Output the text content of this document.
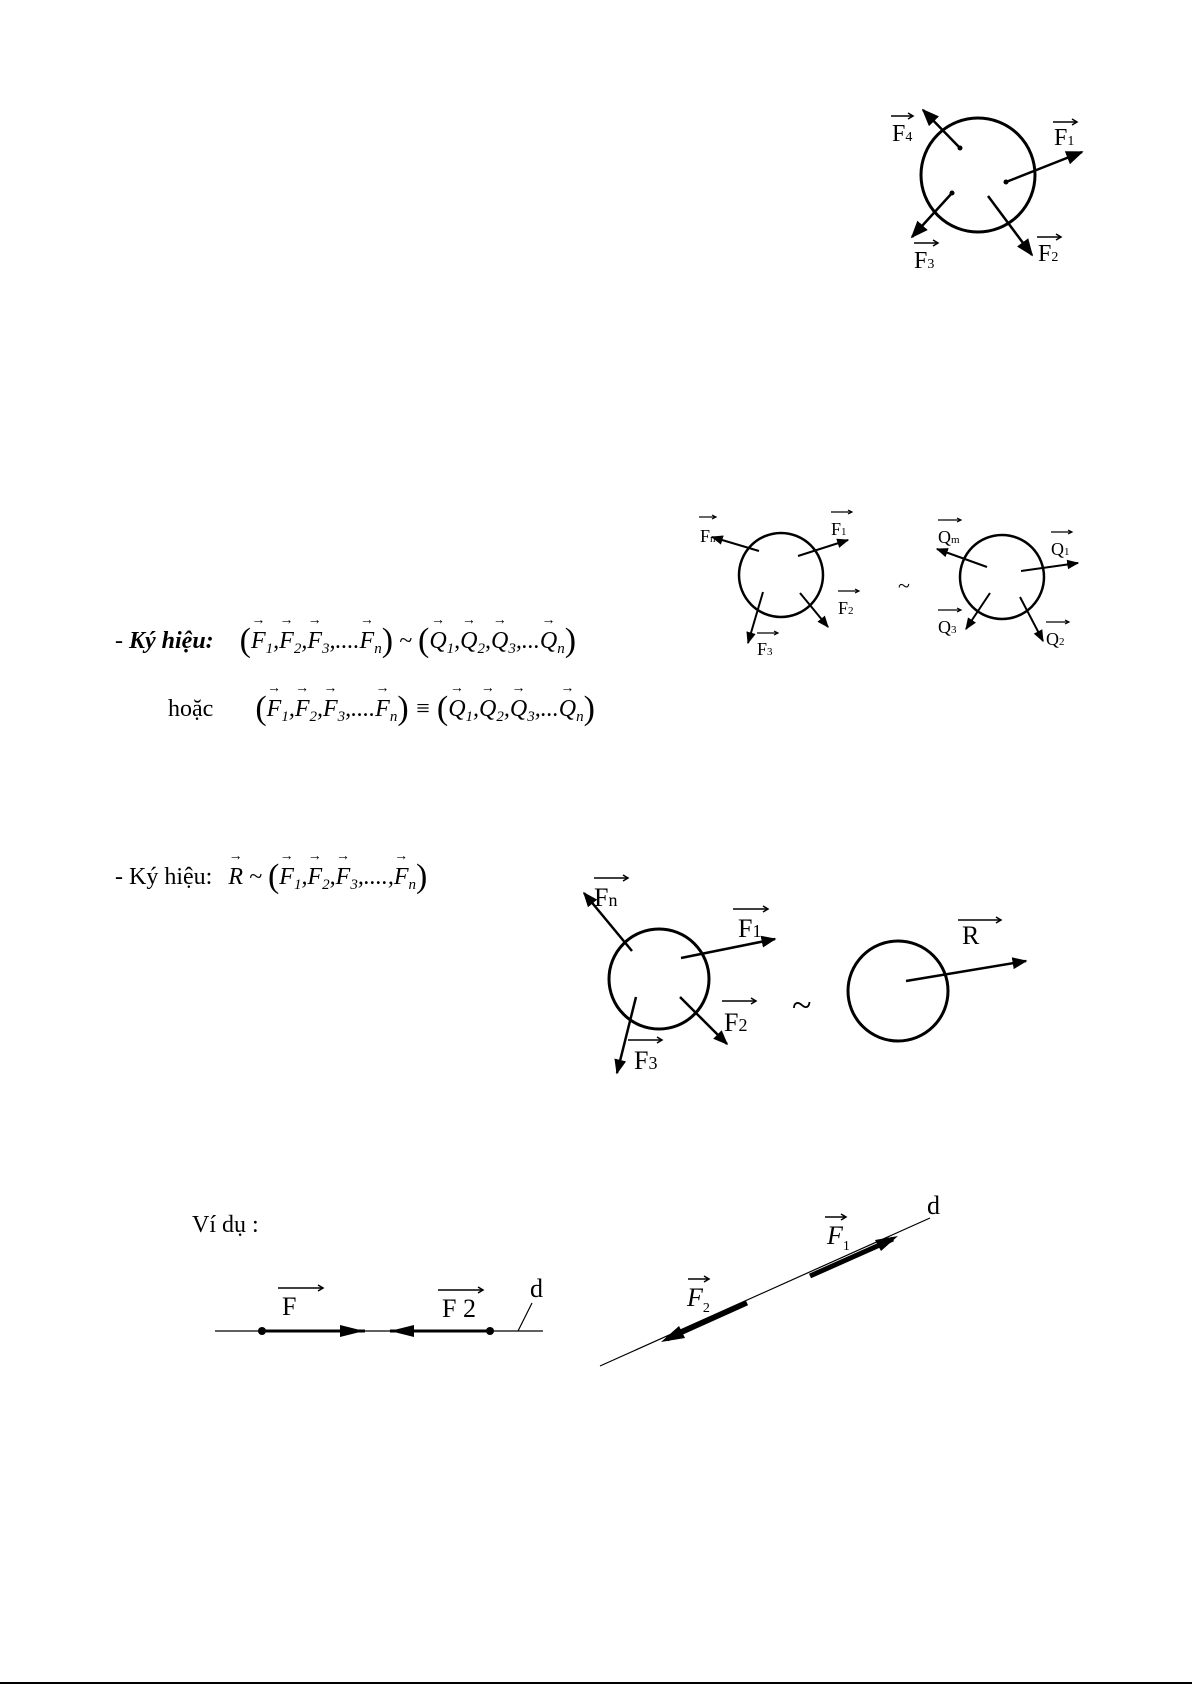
F4	F1
F3	F2
Fn	F1
F2
F3
~
Qm	Q1
Q3	Q2
- Ký hiệu: (→ $F_1,\to F_2,\to F_3,....\to F_n$) ~ (→ $Q_1,\to Q_2,\to Q_3,...\to Q_n$)
hoặc (→ $F_1,\to F_2,\to F_3,....\to F_n$) ≡ (→ $Q_1,\to Q_2,\to Q_3,...\to Q_n$)
- Ký hiệu: → R ~ (→ $F_1,\to F_2,\to F_3,....,\to F_n$)
Fn
F1
F2
F3
~
R
Ví dụ :
F	F 2
d
$F_1$
$F_2$
d
